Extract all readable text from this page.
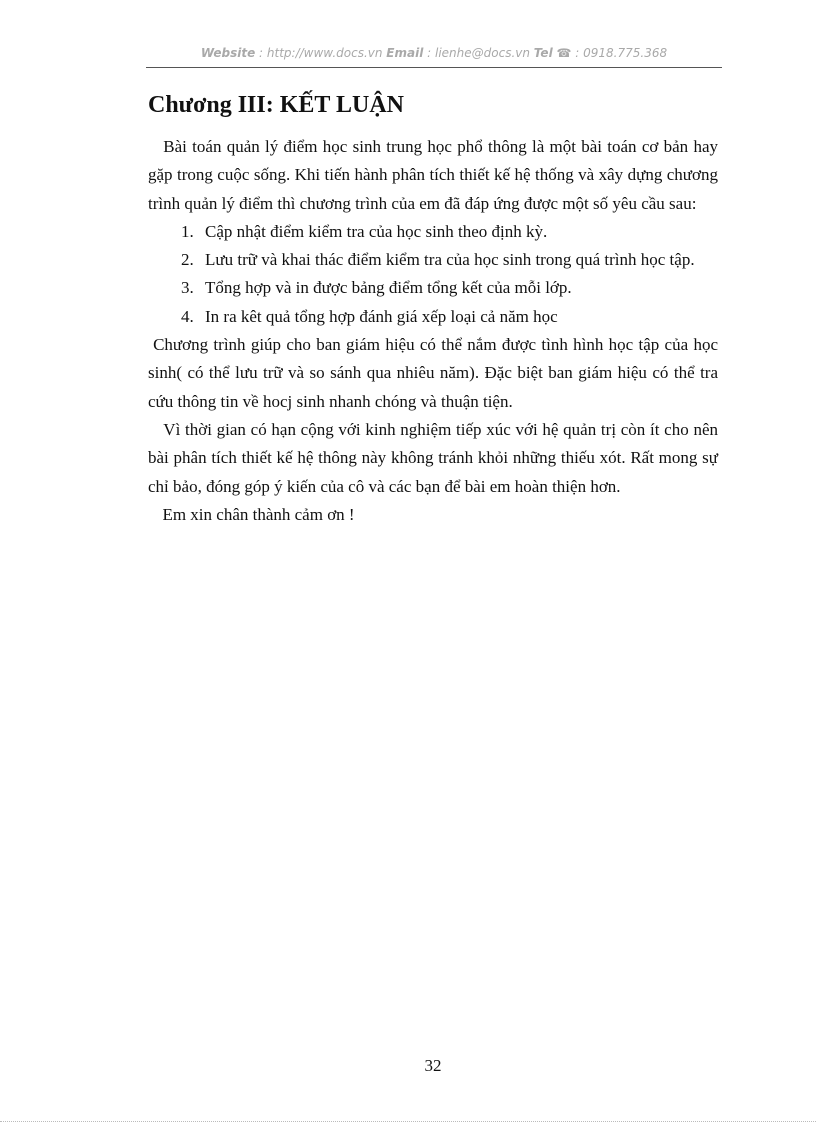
Website : http://www.docs.vn Email : lienhe@docs.vn Tel ☎ : 0918.775.368
Chương III: KẾT LUẬN

Bài toán quản lý điểm học sinh trung học phổ thông là một bài toán cơ bản hay gặp trong cuộc sống. Khi tiến hành phân tích thiết kế hệ thống và xây dựng chương trình quản lý điểm thì chương trình của em đã đáp ứng được một số yêu cầu sau:

1. Cập nhật điểm kiểm tra của học sinh theo định kỳ.
2. Lưu trữ và khai thác điểm kiểm tra của học sinh trong quá trình học tập.
3. Tổng hợp và in được bảng điểm tổng kết của mỗi lớp.
4. In ra kêt quả tổng hợp đánh giá xếp loại cả năm học

Chương trình giúp cho ban giám hiệu có thể nắm được tình hình học tập của học sinh( có thể lưu trữ và so sánh qua nhiêu năm). Đặc biệt ban giám hiệu có thể tra cứu thông tin về hocj sinh nhanh chóng và thuận tiện.

Vì thời gian có hạn cộng với kinh nghiệm tiếp xúc với hệ quản trị còn ít cho nên bài phân tích thiết kế hệ thông này không tránh khỏi những thiếu xót. Rất mong sự chỉ bảo, đóng góp ý kiến của cô và các bạn để bài em hoàn thiện hơn.

Em xin chân thành cảm ơn !

32
